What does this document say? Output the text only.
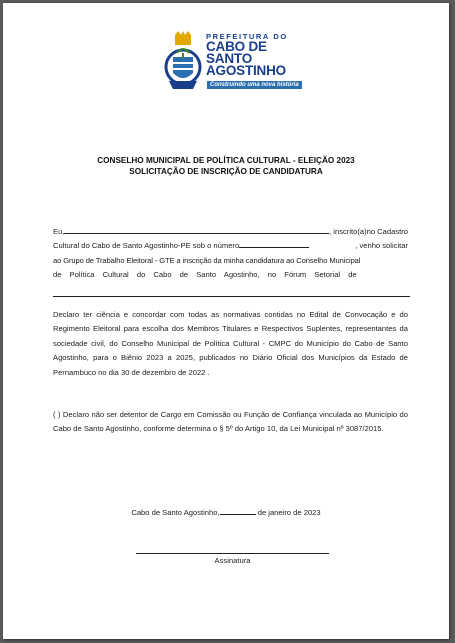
PREFEITURA DO
CABO DE
SANTO
AGOSTINHO
Construindo uma nova história
CONSELHO MUNICIPAL DE POLÍTICA CULTURAL - ELEIÇÃO 2023
SOLICITAÇÃO DE INSCRIÇÃO DE CANDIDATURA
Eu,	, inscrito(a)no Cadastro
Cultural do Cabo de Santo Agostinho-PE sob o número	, venho solicitar
ao Grupo de Trabalho Eleitoral - GTE a inscrição da minha candidatura ao Conselho Municipal
de Política Cultural do Cabo de Santo Agostinho, no Fórum Setorial de
Declaro ter ciência e concordar com todas as normativas contidas no Edital de Convocação e do Regimento Eleitoral para escolha dos Membros Titulares e Respectivos Suplentes, representantes da sociedade civil, do Conselho Municipal de Política Cultural - CMPC do Município do Cabo de Santo Agostinho, para o Biênio 2023 a 2025, publicados no Diário Oficial dos Municípios da Estado de Pernambuco no dia 30 de dezembro de 2022 .
( ) Declaro não ser detentor de Cargo em Comissão ou Função de Confiança vinculada ao Município do Cabo de Santo Agostinho, conforme determina o § 5º do Artigo 10, da Lei Municipal nº 3087/2015.
Cabo de Santo Agostinho,	de janeiro de 2023
Assinatura
